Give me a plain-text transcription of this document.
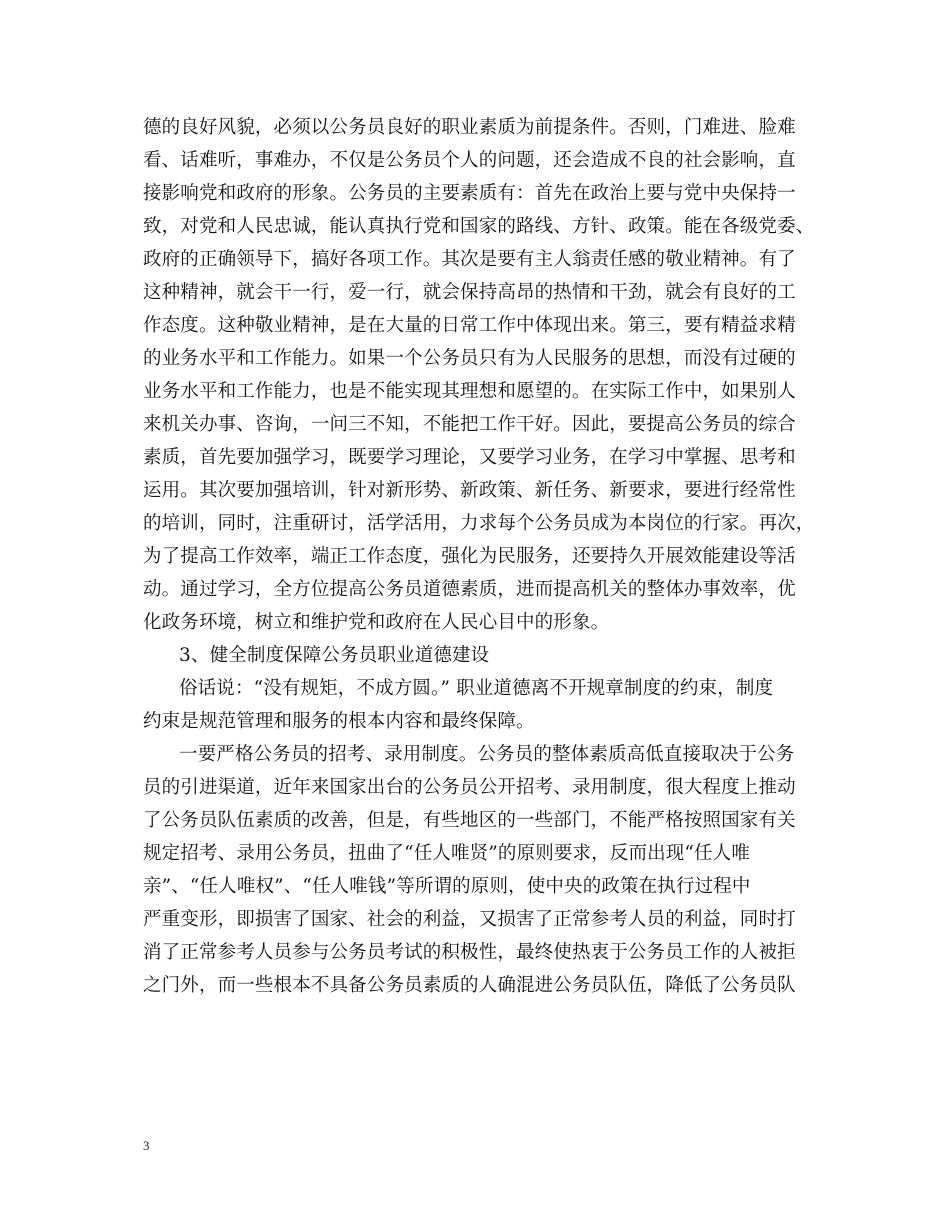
德的良好风貌，必须以公务员良好的职业素质为前提条件。否则，门难进、脸难
看、话难听，事难办，不仅是公务员个人的问题，还会造成不良的社会影响，直
接影响党和政府的形象。公务员的主要素质有：首先在政治上要与党中央保持一
致，对党和人民忠诚，能认真执行党和国家的路线、方针、政策。能在各级党委、
政府的正确领导下，搞好各项工作。其次是要有主人翁责任感的敬业精神。有了
这种精神，就会干一行，爱一行，就会保持高昂的热情和干劲，就会有良好的工
作态度。这种敬业精神，是在大量的日常工作中体现出来。第三，要有精益求精
的业务水平和工作能力。如果一个公务员只有为人民服务的思想，而没有过硬的
业务水平和工作能力，也是不能实现其理想和愿望的。在实际工作中，如果别人
来机关办事、咨询，一问三不知，不能把工作干好。因此，要提高公务员的综合
素质，首先要加强学习，既要学习理论，又要学习业务，在学习中掌握、思考和
运用。其次要加强培训，针对新形势、新政策、新任务、新要求，要进行经常性
的培训，同时，注重研讨，活学活用，力求每个公务员成为本岗位的行家。再次，
为了提高工作效率，端正工作态度，强化为民服务，还要持久开展效能建设等活
动。通过学习，全方位提高公务员道德素质，进而提高机关的整体办事效率，优
化政务环境，树立和维护党和政府在人民心目中的形象。
3、健全制度保障公务员职业道德建设
俗话说：“没有规矩，不成方圆。” 职业道德离不开规章制度的约束，制度
约束是规范管理和服务的根本内容和最终保障。
一要严格公务员的招考、录用制度。公务员的整体素质高低直接取决于公务
员的引进渠道，近年来国家出台的公务员公开招考、录用制度，很大程度上推动
了公务员队伍素质的改善，但是，有些地区的一些部门，不能严格按照国家有关
规定招考、录用公务员，扭曲了“任人唯贤”的原则要求，反而出现“任人唯
亲”、“任人唯权”、“任人唯钱”等所谓的原则，使中央的政策在执行过程中
严重变形，即损害了国家、社会的利益，又损害了正常参考人员的利益，同时打
消了正常参考人员参与公务员考试的积极性，最终使热衷于公务员工作的人被拒
之门外，而一些根本不具备公务员素质的人确混进公务员队伍，降低了公务员队
3
